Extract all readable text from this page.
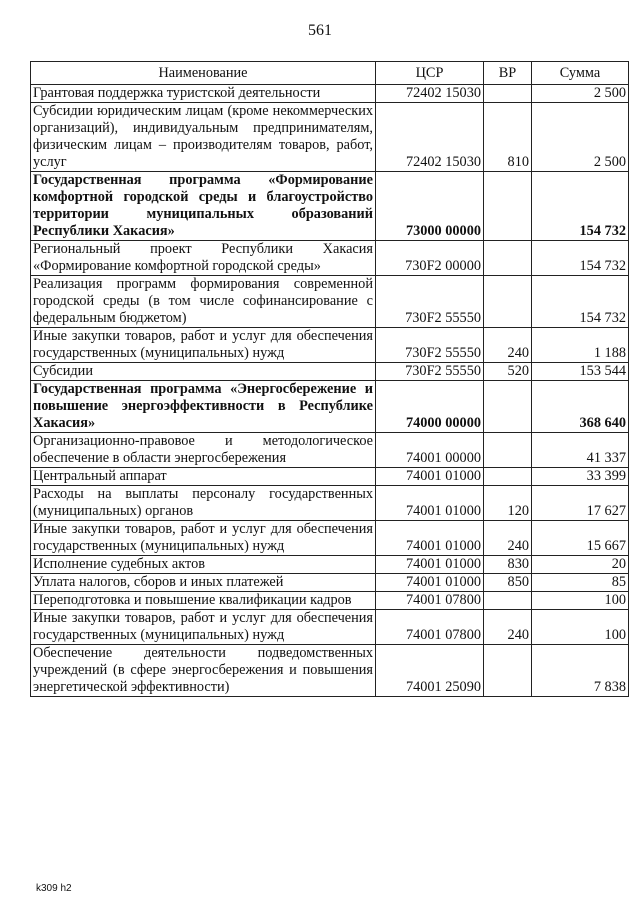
561
Наименование	ЦСР	ВР	Сумма
Грантовая поддержка туристской деятельности	72402 15030		2 500
Субсидии юридическим лицам (кроме некоммерческих организаций), индивидуальным предпринимателям, физическим лицам – производителям товаров, работ, услуг	72402 15030	810	2 500
Государственная программа «Формирование комфортной городской среды и благоустройство территории муниципальных образований Республики Хакасия»	73000 00000		154 732
Региональный проект Республики Хакасия «Формирование комфортной городской среды»	730F2 00000		154 732
Реализация программ формирования современной городской среды (в том числе софинансирование с федеральным бюджетом)	730F2 55550		154 732
Иные закупки товаров, работ и услуг для обеспечения государственных (муниципальных) нужд	730F2 55550	240	1 188
Субсидии	730F2 55550	520	153 544
Государственная программа «Энергосбережение и повышение энергоэффективности в Республике Хакасия»	74000 00000		368 640
Организационно-правовое и методологическое обеспечение в области энергосбережения	74001 00000		41 337
Центральный аппарат	74001 01000		33 399
Расходы на выплаты персоналу государственных (муниципальных) органов	74001 01000	120	17 627
Иные закупки товаров, работ и услуг для обеспечения государственных (муниципальных) нужд	74001 01000	240	15 667
Исполнение судебных актов	74001 01000	830	20
Уплата налогов, сборов и иных платежей	74001 01000	850	85
Переподготовка и повышение квалификации кадров	74001 07800		100
Иные закупки товаров, работ и услуг для обеспечения государственных (муниципальных) нужд	74001 07800	240	100
Обеспечение деятельности подведомственных учреждений (в сфере энергосбережения и повышения энергетической эффективности)	74001 25090		7 838
k309 h2
